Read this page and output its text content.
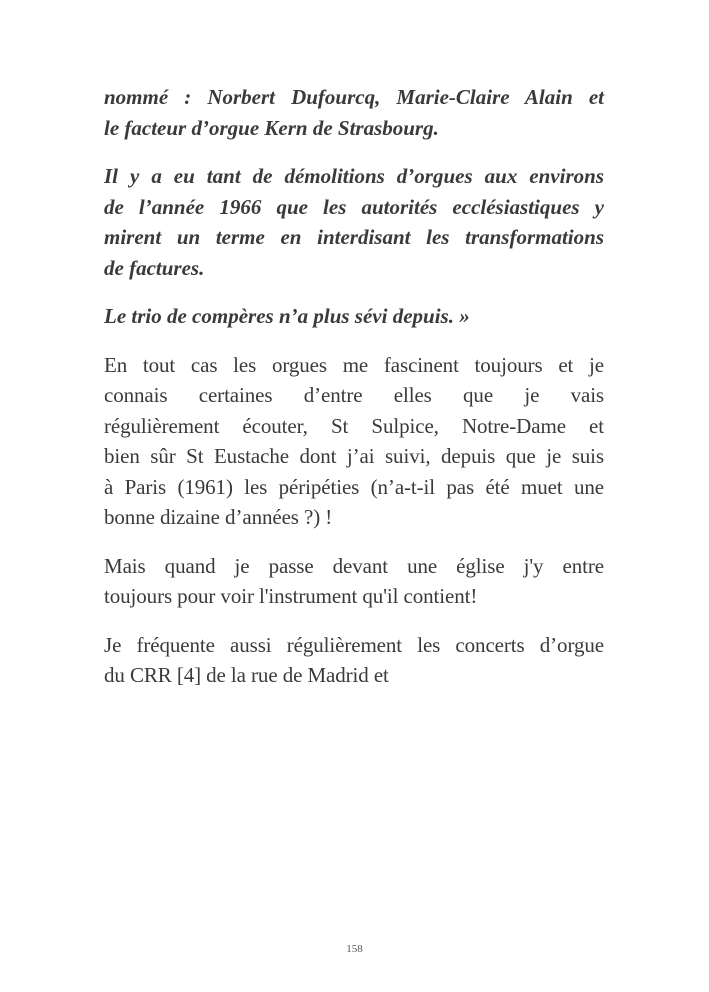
nommé : Norbert Dufourcq, Marie-Claire Alain et
le facteur d’orgue Kern de Strasbourg.

Il y a eu tant de démolitions d’orgues aux environs
de l’année 1966 que les autorités ecclésiastiques y
mirent un terme en interdisant les transformations
de factures.

Le trio de compères n’a plus sévi depuis. »

En tout cas les orgues me fascinent toujours et je
connais certaines d’entre elles que je vais
régulièrement écouter, St Sulpice, Notre-Dame et
bien sûr St Eustache dont j’ai suivi, depuis que je suis
à Paris (1961) les péripéties (n’a-t-il pas été muet une
bonne dizaine d’années ?) !

Mais quand je passe devant une église j'y entre
toujours pour voir l'instrument qu'il contient!

Je fréquente aussi régulièrement les concerts d’orgue
du CRR [4] de la rue de Madrid et

158
